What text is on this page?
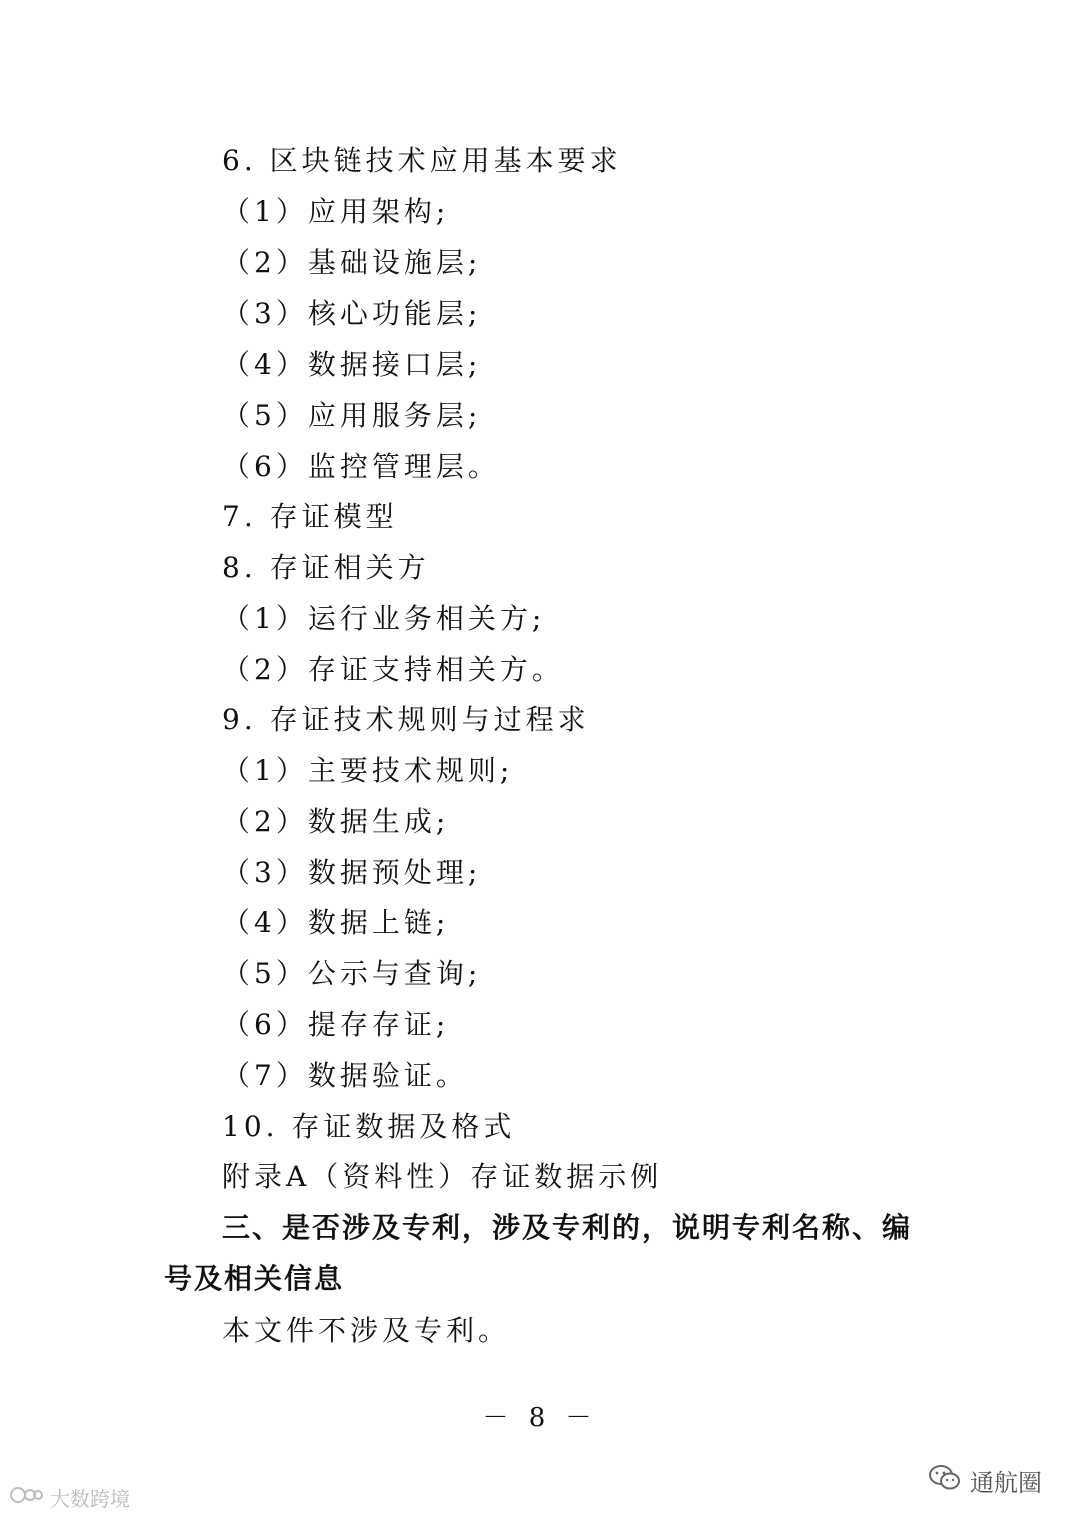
6. 区块链技术应用基本要求
（1）应用架构;
（2）基础设施层;
（3）核心功能层;
（4）数据接口层;
（5）应用服务层;
（6）监控管理层。
7. 存证模型
8. 存证相关方
（1）运行业务相关方;
（2）存证支持相关方。
9. 存证技术规则与过程求
（1）主要技术规则;
（2）数据生成;
（3）数据预处理;
（4）数据上链;
（5）公示与查询;
（6）提存存证;
（7）数据验证。
10. 存证数据及格式
附录A（资料性）存证数据示例
三、是否涉及专利，涉及专利的，说明专利名称、编
号及相关信息
本文件不涉及专利。
－ 8 －
大数跨境
通航圈
